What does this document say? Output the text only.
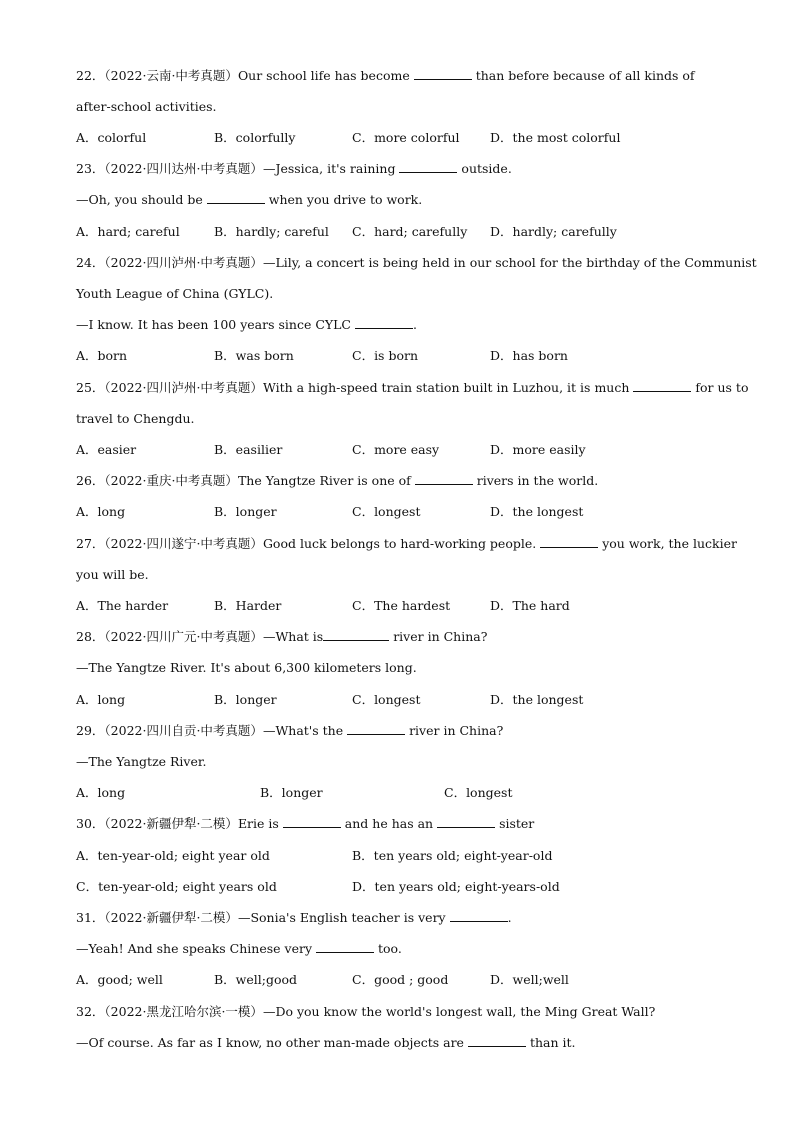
22．（2022·云南·中考真题）Our school life has become	than before because of all kinds of
after-school activities.
A．colorful	B．colorfully	C．more colorful D．the most colorful
23．（2022·四川达州·中考真题）—Jessica, it's raining	outside.
—Oh, you should be	when you drive to work.
A．hard; careful	B．hardly; careful C．hard; carefully D．hardly; carefully
24．（2022·四川泸州·中考真题）—Lily, a concert is being held in our school for the birthday of the Communist
Youth League of China (GYLC).
—I know. It has been 100 years since CYLC	.
A．born	B．was born	C．is born	D．has born
25．（2022·四川泸州·中考真题）With a high-speed train station built in Luzhou, it is much	for us to
travel to Chengdu.
A．easier	B．easilier	C．more easy	D．more easily
26．（2022·重庆·中考真题）The Yangtze River is one of	rivers in the world.
A．long	B．longer	C．longest	D．the longest
27．（2022·四川遂宁·中考真题）Good luck belongs to hard-working people.	you work, the luckier
you will be.
A．The harder	B．Harder	C．The hardest	D．The hard
28．（2022·四川广元·中考真题）—What is	river in China?
—The Yangtze River. It's about 6,300 kilometers long.
A．long	B．longer	C．longest	D．the longest
29．（2022·四川自贡·中考真题）—What's the	river in China?
—The Yangtze River.
A．long	B．longer	C．longest
30．（2022·新疆伊犁·二模）Erie is	and he has an	sister
A．ten-year-old; eight year old	B．ten years old; eight-year-old
C．ten-year-old; eight years old	D．ten years old; eight-years-old
31．（2022·新疆伊犁·二模）—Sonia's English teacher is very	.
—Yeah! And she speaks Chinese very	too.
A．good; well	B．well;good	C．good ; good	D．well;well
32．（2022·黑龙江哈尔滨·一模）—Do you know the world's longest wall, the Ming Great Wall?
—Of course. As far as I know, no other man-made objects are	than it.
